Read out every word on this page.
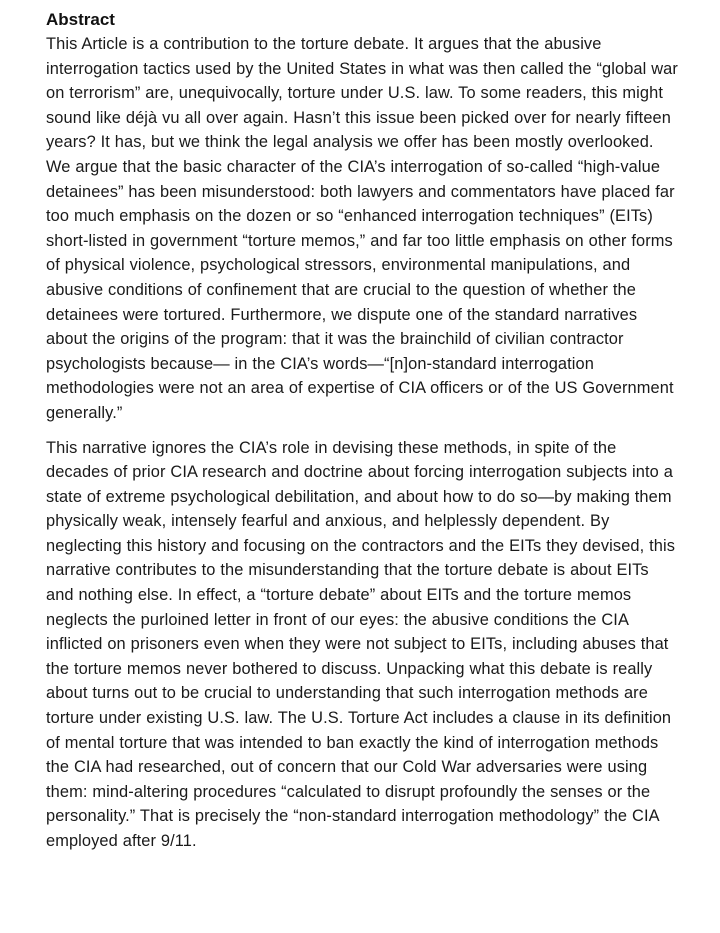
Abstract

This Article is a contribution to the torture debate. It argues that the abusive interrogation tactics used by the United States in what was then called the “global war on terrorism” are, unequivocally, torture under U.S. law. To some readers, this might sound like déjà vu all over again. Hasn’t this issue been picked over for nearly fifteen years? It has, but we think the legal analysis we offer has been mostly overlooked. We argue that the basic character of the CIA’s interrogation of so-called “high-value detainees” has been misunderstood: both lawyers and commentators have placed far too much emphasis on the dozen or so “enhanced interrogation techniques” (EITs) short-listed in government “torture memos,” and far too little emphasis on other forms of physical violence, psychological stressors, environmental manipulations, and abusive conditions of confinement that are crucial to the question of whether the detainees were tortured. Furthermore, we dispute one of the standard narratives about the origins of the program: that it was the brainchild of civilian contractor psychologists because— in the CIA’s words—“[n]on-standard interrogation methodologies were not an area of expertise of CIA officers or of the US Government generally.”

This narrative ignores the CIA’s role in devising these methods, in spite of the decades of prior CIA research and doctrine about forcing interrogation subjects into a state of extreme psychological debilitation, and about how to do so—by making them physically weak, intensely fearful and anxious, and helplessly dependent. By neglecting this history and focusing on the contractors and the EITs they devised, this narrative contributes to the misunderstanding that the torture debate is about EITs and nothing else. In effect, a “torture debate” about EITs and the torture memos neglects the purloined letter in front of our eyes: the abusive conditions the CIA inflicted on prisoners even when they were not subject to EITs, including abuses that the torture memos never bothered to discuss. Unpacking what this debate is really about turns out to be crucial to understanding that such interrogation methods are torture under existing U.S. law. The U.S. Torture Act includes a clause in its definition of mental torture that was intended to ban exactly the kind of interrogation methods the CIA had researched, out of concern that our Cold War adversaries were using them: mind-altering procedures “calculated to disrupt profoundly the senses or the personality.” That is precisely the “non-standard interrogation methodology” the CIA employed after 9/11.
